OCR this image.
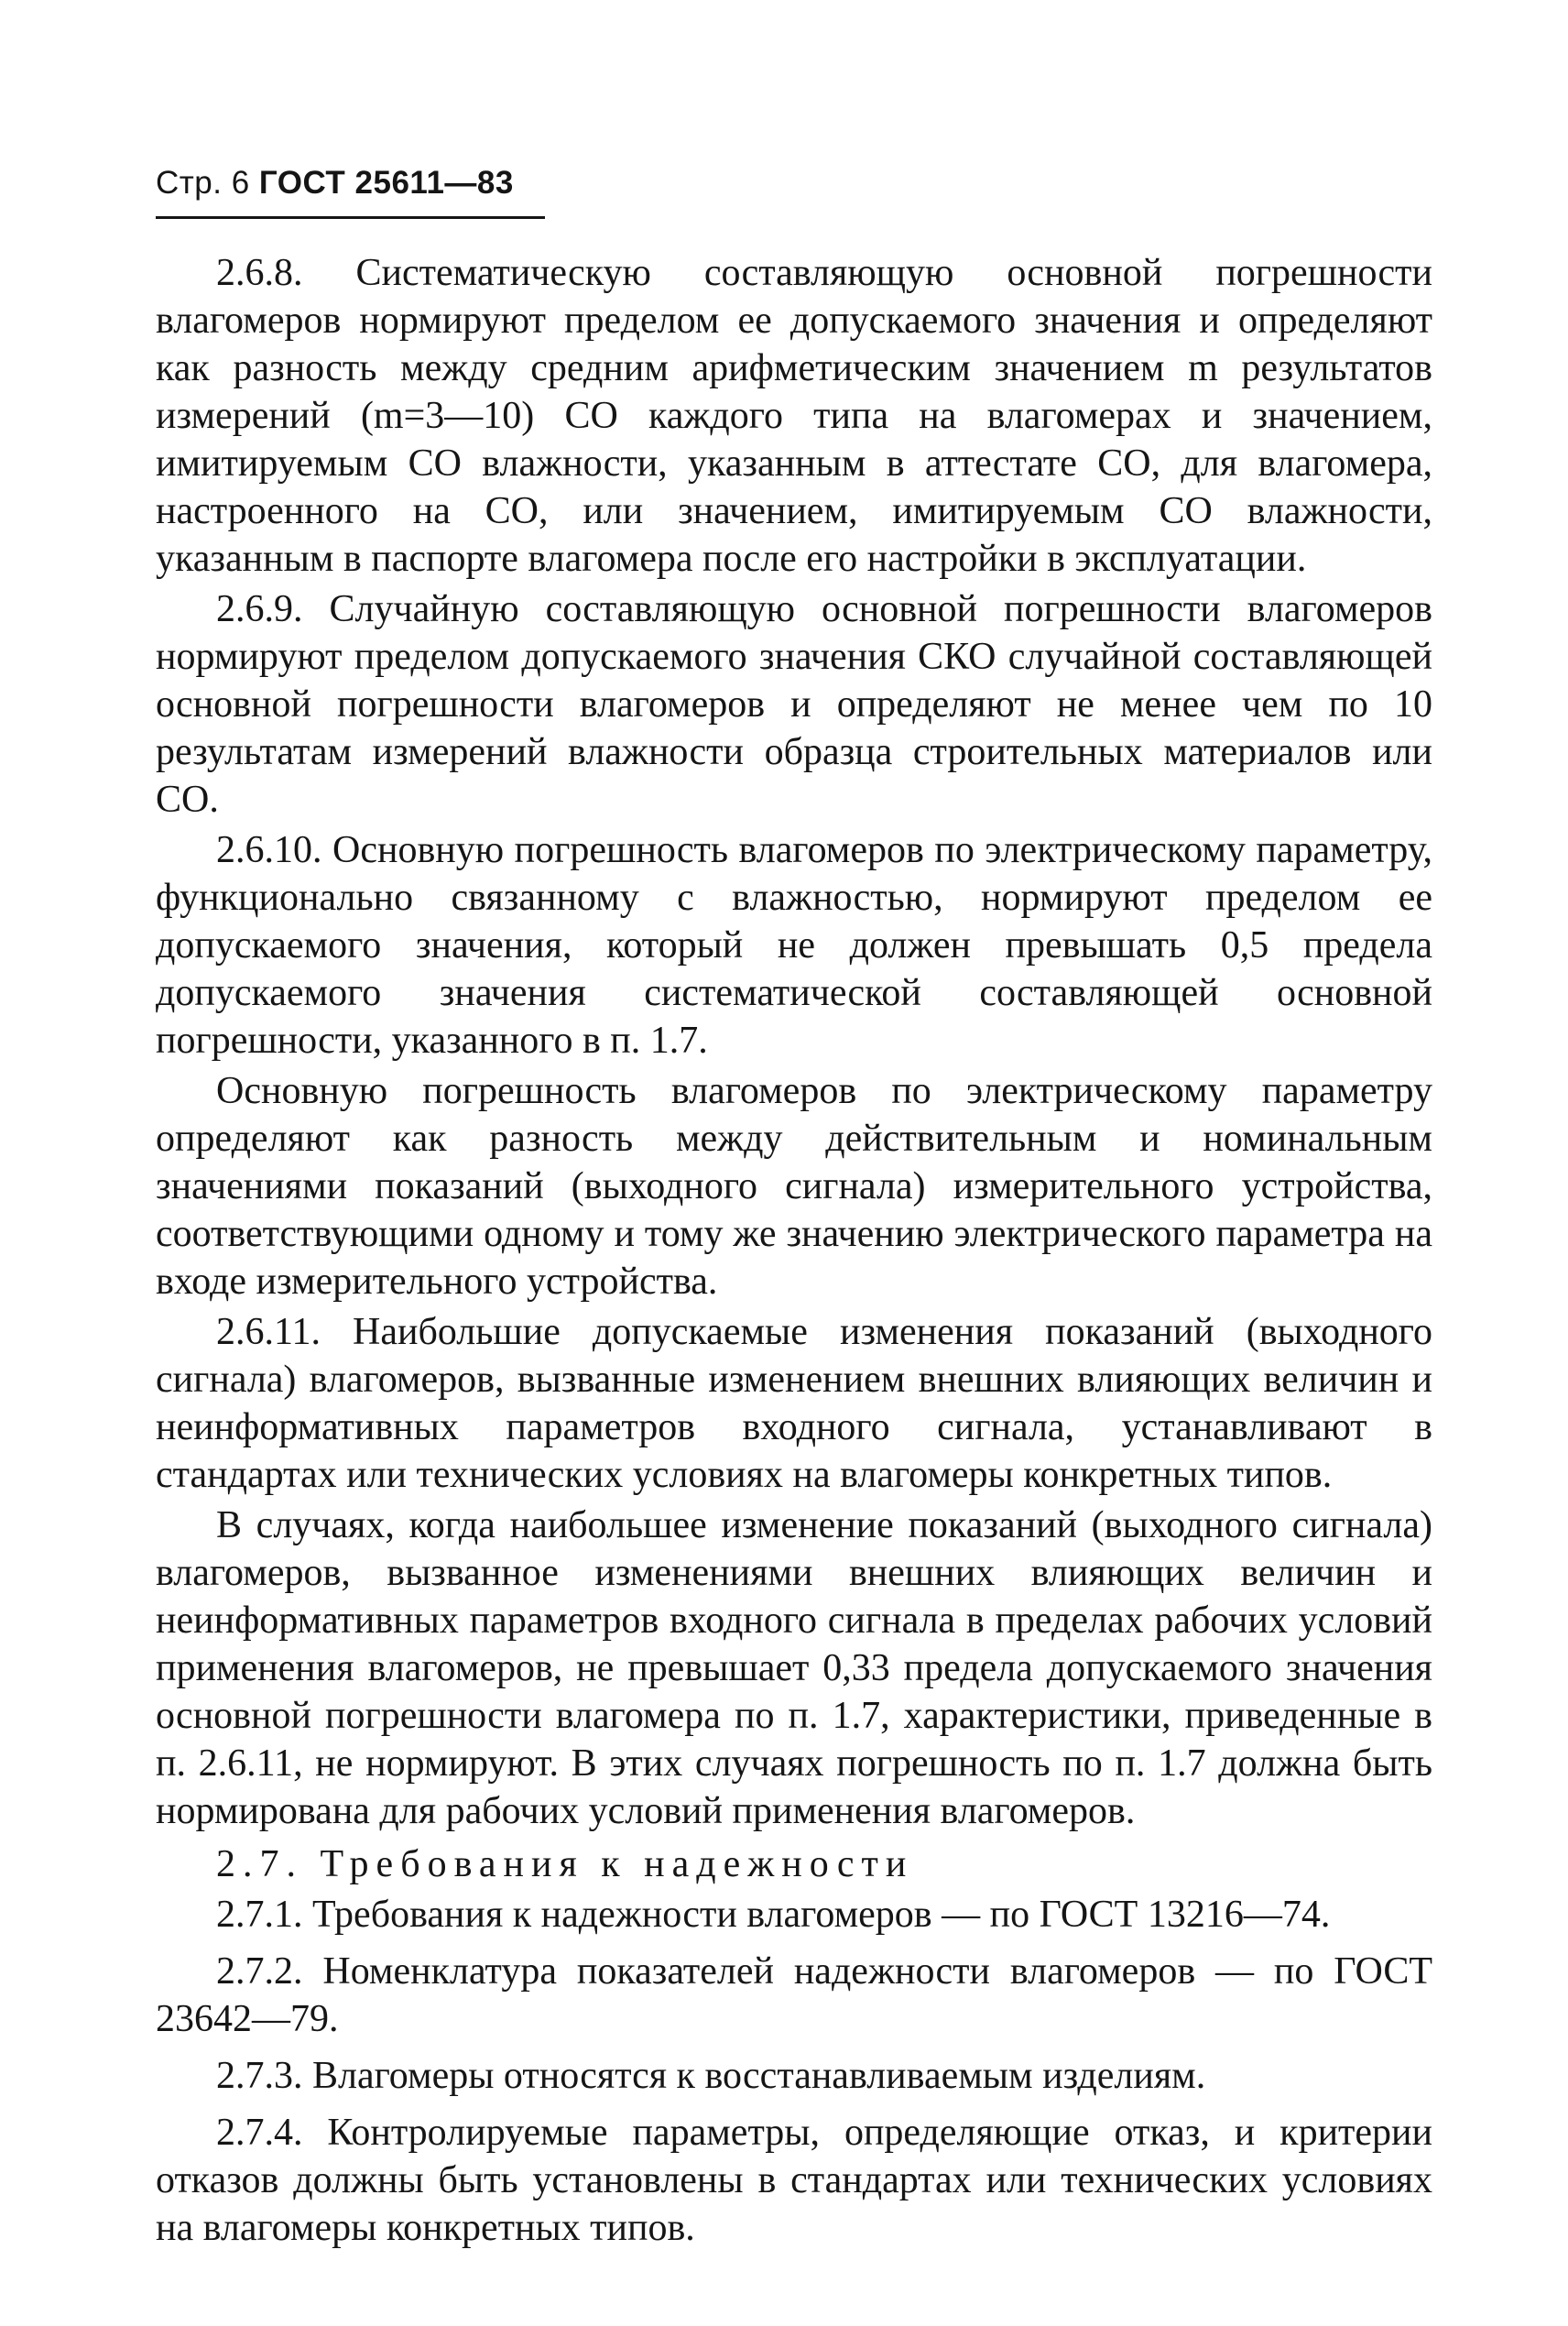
Стр. 6 ГОСТ 25611—83

2.6.8. Систематическую составляющую основной погрешности влагомеров нормируют пределом ее допускаемого значения и определяют как разность между средним арифметическим значением m результатов измерений (m=3—10) СО каждого типа на влагомерах и значением, имитируемым СО влажности, указанным в аттестате СО, для влагомера, настроенного на СО, или значением, имитируемым СО влажности, указанным в паспорте влагомера после его настройки в эксплуатации.

2.6.9. Случайную составляющую основной погрешности влагомеров нормируют пределом допускаемого значения СКО случайной составляющей основной погрешности влагомеров и определяют не менее чем по 10 результатам измерений влажности образца строительных материалов или СО.

2.6.10. Основную погрешность влагомеров по электрическому параметру, функционально связанному с влажностью, нормируют пределом ее допускаемого значения, который не должен превышать 0,5 предела допускаемого значения систематической составляющей основной погрешности, указанного в п. 1.7.

Основную погрешность влагомеров по электрическому параметру определяют как разность между действительным и номинальным значениями показаний (выходного сигнала) измерительного устройства, соответствующими одному и тому же значению электрического параметра на входе измерительного устройства.

2.6.11. Наибольшие допускаемые изменения показаний (выходного сигнала) влагомеров, вызванные изменением внешних влияющих величин и неинформативных параметров входного сигнала, устанавливают в стандартах или технических условиях на влагомеры конкретных типов.

В случаях, когда наибольшее изменение показаний (выходного сигнала) влагомеров, вызванное изменениями внешних влияющих величин и неинформативных параметров входного сигнала в пределах рабочих условий применения влагомеров, не превышает 0,33 предела допускаемого значения основной погрешности влагомера по п. 1.7, характеристики, приведенные в п. 2.6.11, не нормируют. В этих случаях погрешность по п. 1.7 должна быть нормирована для рабочих условий применения влагомеров.

2.7. Требования к надежности

2.7.1. Требования к надежности влагомеров — по ГОСТ 13216—74.

2.7.2. Номенклатура показателей надежности влагомеров — по ГОСТ 23642—79.

2.7.3. Влагомеры относятся к восстанавливаемым изделиям.

2.7.4. Контролируемые параметры, определяющие отказ, и критерии отказов должны быть установлены в стандартах или технических условиях на влагомеры конкретных типов.
